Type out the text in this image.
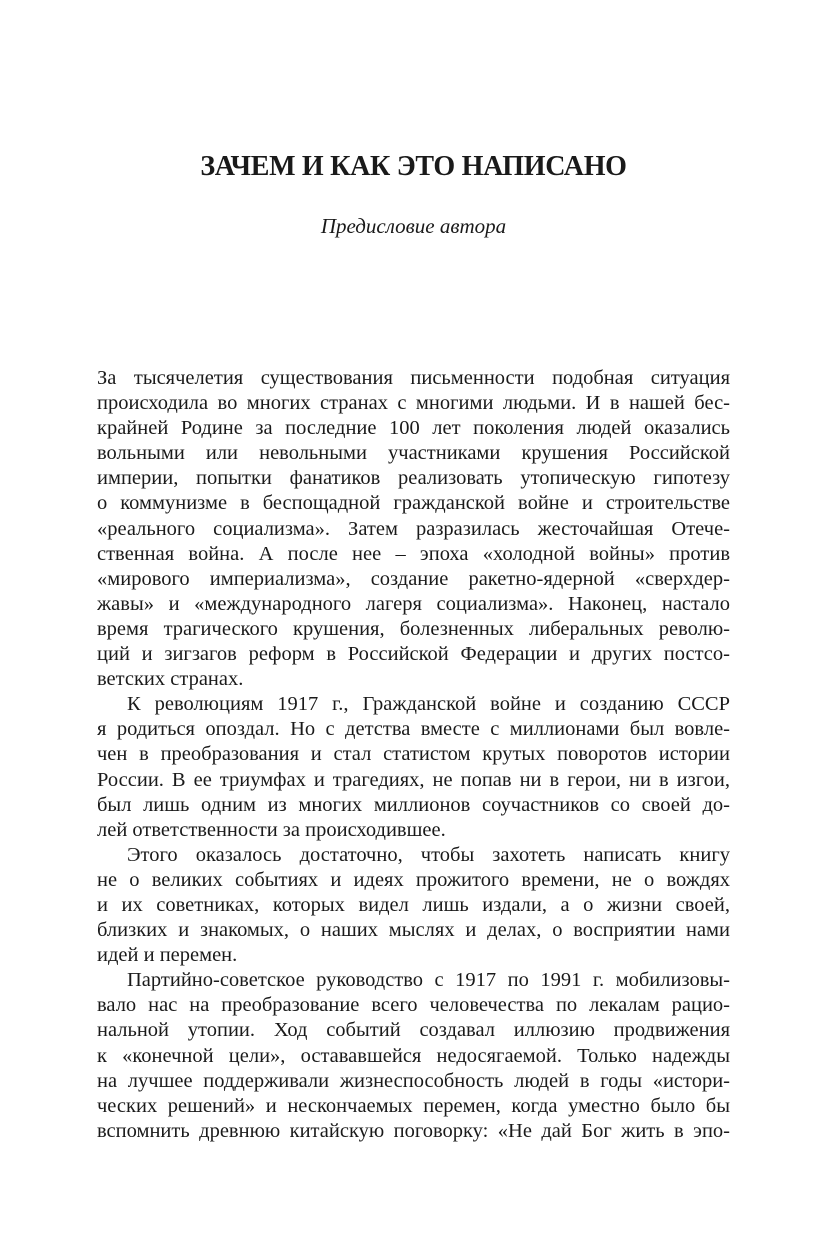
ЗАЧЕМ И КАК ЭТО НАПИСАНО
Предисловие автора
За тысячелетия существования письменности подобная ситуация
происходила во многих странах с многими людьми. И в нашей бес-
крайней Родине за последние 100 лет поколения людей оказались
вольными или невольными участниками крушения Российской
империи, попытки фанатиков реализовать утопическую гипотезу
о коммунизме в беспощадной гражданской войне и строительстве
«реального социализма». Затем разразилась жесточайшая Отече-
ственная война. А после нее – эпоха «холодной войны» против
«мирового империализма», создание ракетно-ядерной «сверхдер-
жавы» и «международного лагеря социализма». Наконец, настало
время трагического крушения, болезненных либеральных револю-
ций и зигзагов реформ в Российской Федерации и других постсо-
ветских странах.
К революциям 1917 г., Гражданской войне и созданию СССР
я родиться опоздал. Но с детства вместе с миллионами был вовле-
чен в преобразования и стал статистом крутых поворотов истории
России. В ее триумфах и трагедиях, не попав ни в герои, ни в изгои,
был лишь одним из многих миллионов соучастников со своей до-
лей ответственности за происходившее.
Этого оказалось достаточно, чтобы захотеть написать книгу
не о великих событиях и идеях прожитого времени, не о вождях
и их советниках, которых видел лишь издали, а о жизни своей,
близких и знакомых, о наших мыслях и делах, о восприятии нами
идей и перемен.
Партийно-советское руководство с 1917 по 1991 г. мобилизовы-
вало нас на преобразование всего человечества по лекалам рацио-
нальной утопии. Ход событий создавал иллюзию продвижения
к «конечной цели», остававшейся недосягаемой. Только надежды
на лучшее поддерживали жизнеспособность людей в годы «истори-
ческих решений» и нескончаемых перемен, когда уместно было бы
вспомнить древнюю китайскую поговорку: «Не дай Бог жить в эпо-
